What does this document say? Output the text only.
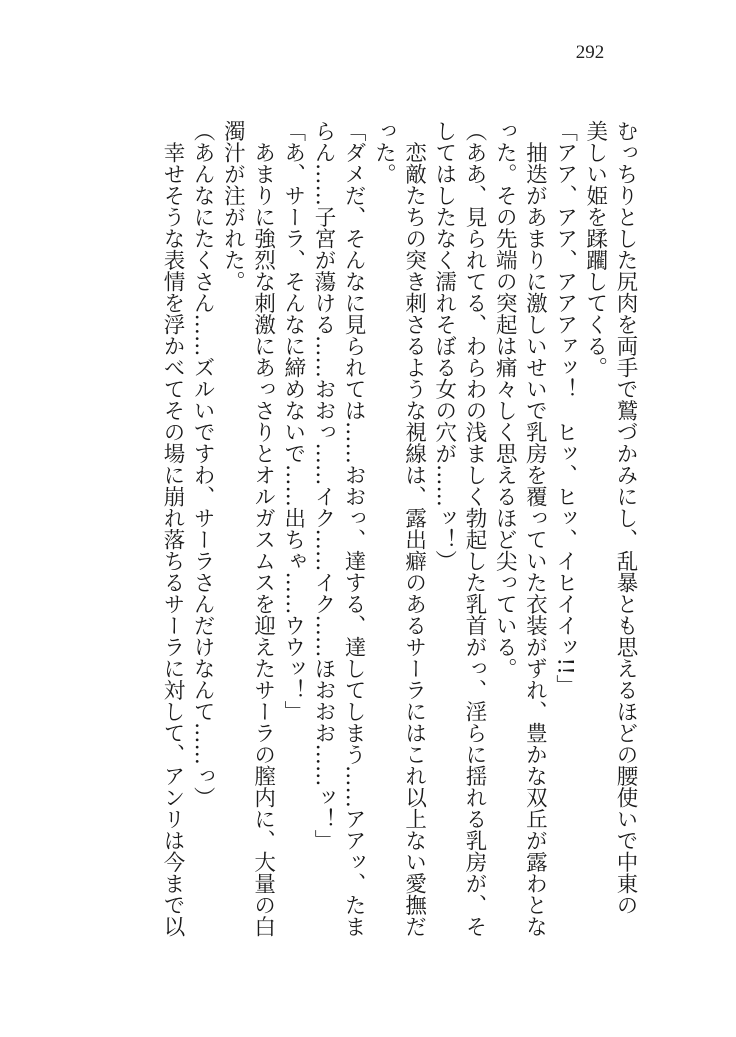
292
むっちりとした尻肉を両手で鷲づかみにし、乱暴とも思えるほどの腰使いで中東の
美しい姫を蹂躙してくる。
「アア、アア、アアアァッ！　ヒッ、ヒッ、イヒイイッ!!」
　抽迭があまりに激しいせいで乳房を覆っていた衣装がずれ、豊かな双丘が露わとな
った。その先端の突起は痛々しく思えるほど尖っている。
（ああ、見られてる、わらわの浅ましく勃起した乳首がっ、淫らに揺れる乳房が、そ
してはしたなく濡れそぼる女の穴が……ッ！）
　恋敵たちの突き刺さるような視線は、露出癖のあるサーラにはこれ以上ない愛撫だ
った。
「ダメだ、そんなに見られては……おおっ、達する、達してしまう……アアッ、たま
らん……子宮が蕩ける……おおっ……イク……イク……ほおおお……ッ！」
「あ、サーラ、そんなに締めないで……出ちゃ……ウウッ！」
　あまりに強烈な刺激にあっさりとオルガスムスを迎えたサーラの膣内に、大量の白
濁汁が注がれた。
（あんなにたくさん……ズルいですわ、サーラさんだけなんて……っ）
　幸せそうな表情を浮かべてその場に崩れ落ちるサーラに対して、アンリは今まで以
